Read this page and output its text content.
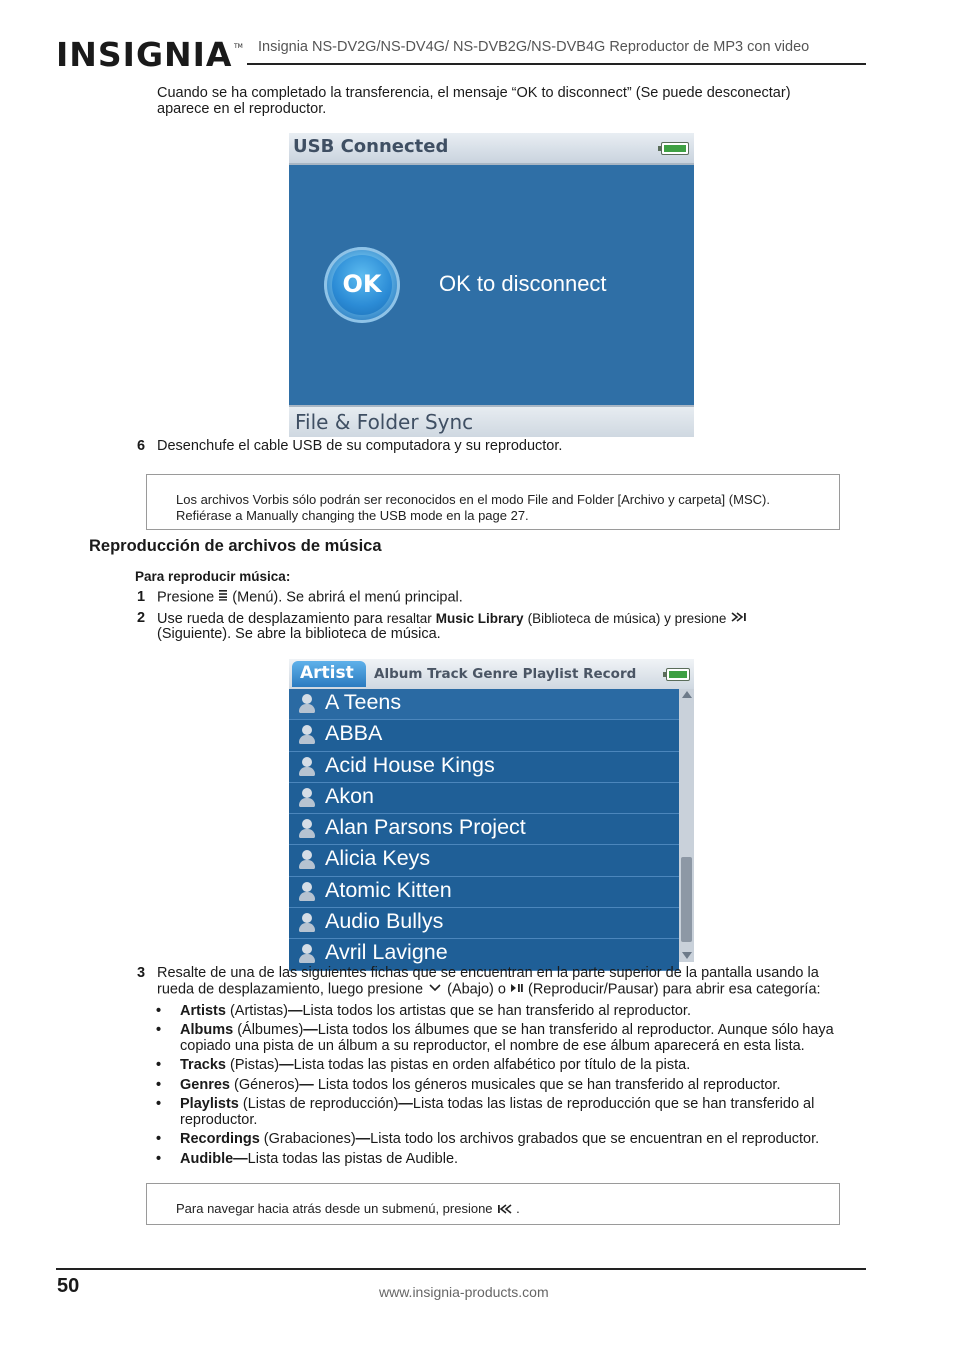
INSIGNIA TM Insignia NS-DV2G/NS-DV4G/ NS-DVB2G/NS-DVB4G Reproductor de MP3 con video
Cuando se ha completado la transferencia, el mensaje “OK to disconnect” (Se puede desconectar)
aparece en el reproductor.
USB Connected
OK	OK to disconnect
File & Folder Sync
6 Desenchufe el cable USB de su computadora y su reproductor.
Los archivos Vorbis sólo podrán ser reconocidos en el modo File and Folder [Archivo y carpeta] (MSC).
Refiérase a Manually changing the USB mode en la page 27.
Reproducción de archivos de música
Para reproducir música:
1 Presione (Menú). Se abrirá el menú principal.
2 Use rueda de desplazamiento para resaltar Music Library (Biblioteca de música) y presione
(Siguiente). Se abre la biblioteca de música.
Artist Album Track Genre Playlist Record
A Teens
ABBA
Acid House Kings
Akon
Alan Parsons Project
Alicia Keys
Atomic Kitten
Audio Bullys
Avril Lavigne
3 Resalte de una de las siguientes fichas que se encuentran en la parte superior de la pantalla usando la
rueda de desplazamiento, luego presione (Abajo) o (Reproducir/Pausar) para abrir esa categoría:
• Artists (Artistas)—Lista todos los artistas que se han transferido al reproductor.
• Albums (Álbumes)—Lista todos los álbumes que se han transferido al reproductor. Aunque sólo haya
copiado una pista de un álbum a su reproductor, el nombre de ese álbum aparecerá en esta lista.
• Tracks (Pistas)—Lista todas las pistas en orden alfabético por título de la pista.
• Genres (Géneros)— Lista todos los géneros musicales que se han transferido al reproductor.
• Playlists (Listas de reproducción)—Lista todas las listas de reproducción que se han transferido al
reproductor.
• Recordings (Grabaciones)—Lista todo los archivos grabados que se encuentran en el reproductor.
• Audible—Lista todas las pistas de Audible.
Para navegar hacia atrás desde un submenú, presione .
50	www.insignia-products.com
